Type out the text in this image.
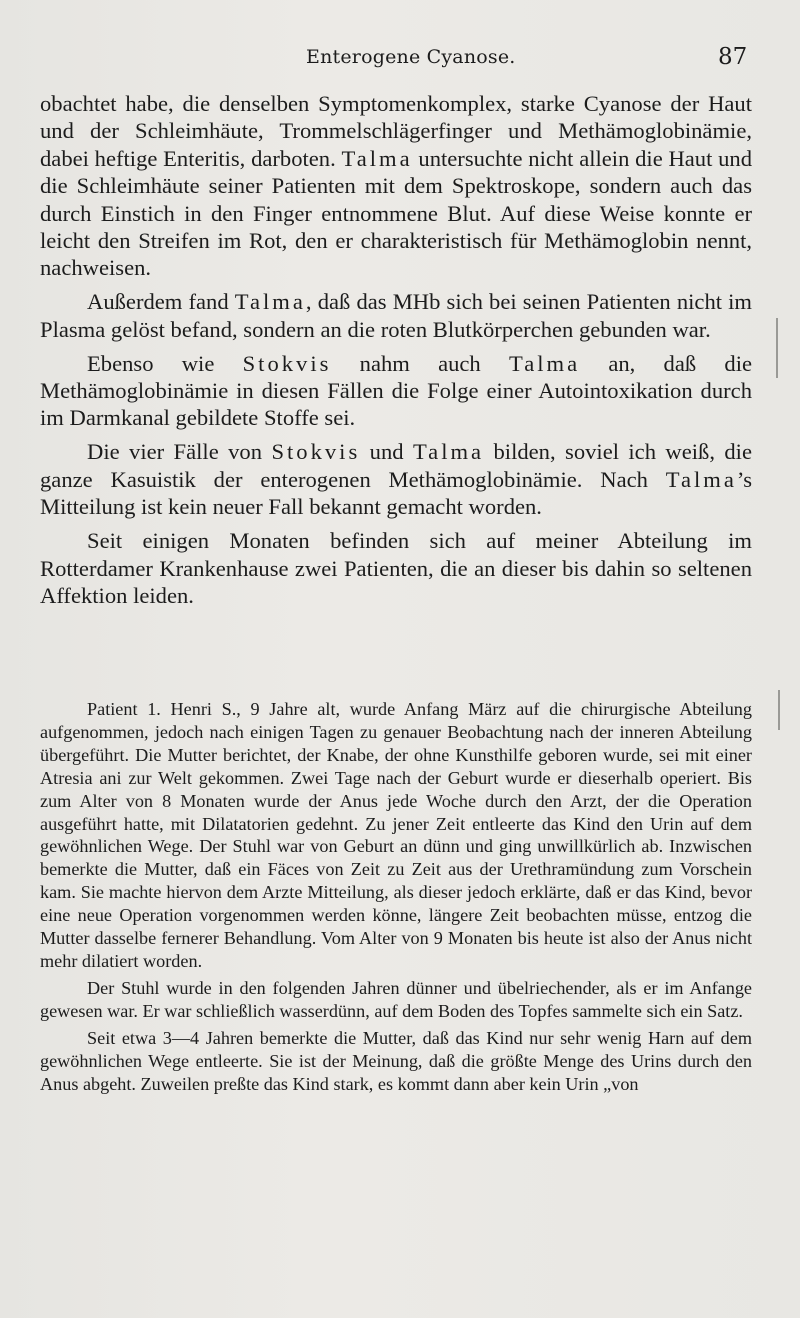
Enterogene Cyanose.	87

obachtet habe, die denselben Symptomenkomplex, starke Cyanose der Haut und der Schleimhäute, Trommelschlägerfinger und Methämoglobinämie, dabei heftige Enteritis, darboten. Talma untersuchte nicht allein die Haut und die Schleimhäute seiner Patienten mit dem Spektroskope, sondern auch das durch Einstich in den Finger entnommene Blut. Auf diese Weise konnte er leicht den Streifen im Rot, den er charakteristisch für Methämoglobin nennt, nachweisen.

Außerdem fand Talma, daß das MHb sich bei seinen Patienten nicht im Plasma gelöst befand, sondern an die roten Blutkörperchen gebunden war.

Ebenso wie Stokvis nahm auch Talma an, daß die Methämoglobinämie in diesen Fällen die Folge einer Autointoxikation durch im Darmkanal gebildete Stoffe sei.

Die vier Fälle von Stokvis und Talma bilden, soviel ich weiß, die ganze Kasuistik der enterogenen Methämoglobinämie. Nach Talma’s Mitteilung ist kein neuer Fall bekannt gemacht worden.

Seit einigen Monaten befinden sich auf meiner Abteilung im Rotterdamer Krankenhause zwei Patienten, die an dieser bis dahin so seltenen Affektion leiden.

Patient 1. Henri S., 9 Jahre alt, wurde Anfang März auf die chirurgische Abteilung aufgenommen, jedoch nach einigen Tagen zu genauer Beobachtung nach der inneren Abteilung übergeführt. Die Mutter berichtet, der Knabe, der ohne Kunsthilfe geboren wurde, sei mit einer Atresia ani zur Welt gekommen. Zwei Tage nach der Geburt wurde er dieserhalb operiert. Bis zum Alter von 8 Monaten wurde der Anus jede Woche durch den Arzt, der die Operation ausgeführt hatte, mit Dilatatorien gedehnt. Zu jener Zeit entleerte das Kind den Urin auf dem gewöhnlichen Wege. Der Stuhl war von Geburt an dünn und ging unwillkürlich ab. Inzwischen bemerkte die Mutter, daß ein Fäces von Zeit zu Zeit aus der Urethramündung zum Vorschein kam. Sie machte hiervon dem Arzte Mitteilung, als dieser jedoch erklärte, daß er das Kind, bevor eine neue Operation vorgenommen werden könne, längere Zeit beobachten müsse, entzog die Mutter dasselbe fernerer Behandlung. Vom Alter von 9 Monaten bis heute ist also der Anus nicht mehr dilatiert worden.

Der Stuhl wurde in den folgenden Jahren dünner und übelriechender, als er im Anfange gewesen war. Er war schließlich wasserdünn, auf dem Boden des Topfes sammelte sich ein Satz.

Seit etwa 3—4 Jahren bemerkte die Mutter, daß das Kind nur sehr wenig Harn auf dem gewöhnlichen Wege entleerte. Sie ist der Meinung, daß die größte Menge des Urins durch den Anus abgeht. Zuweilen preßte das Kind stark, es kommt dann aber kein Urin „von
